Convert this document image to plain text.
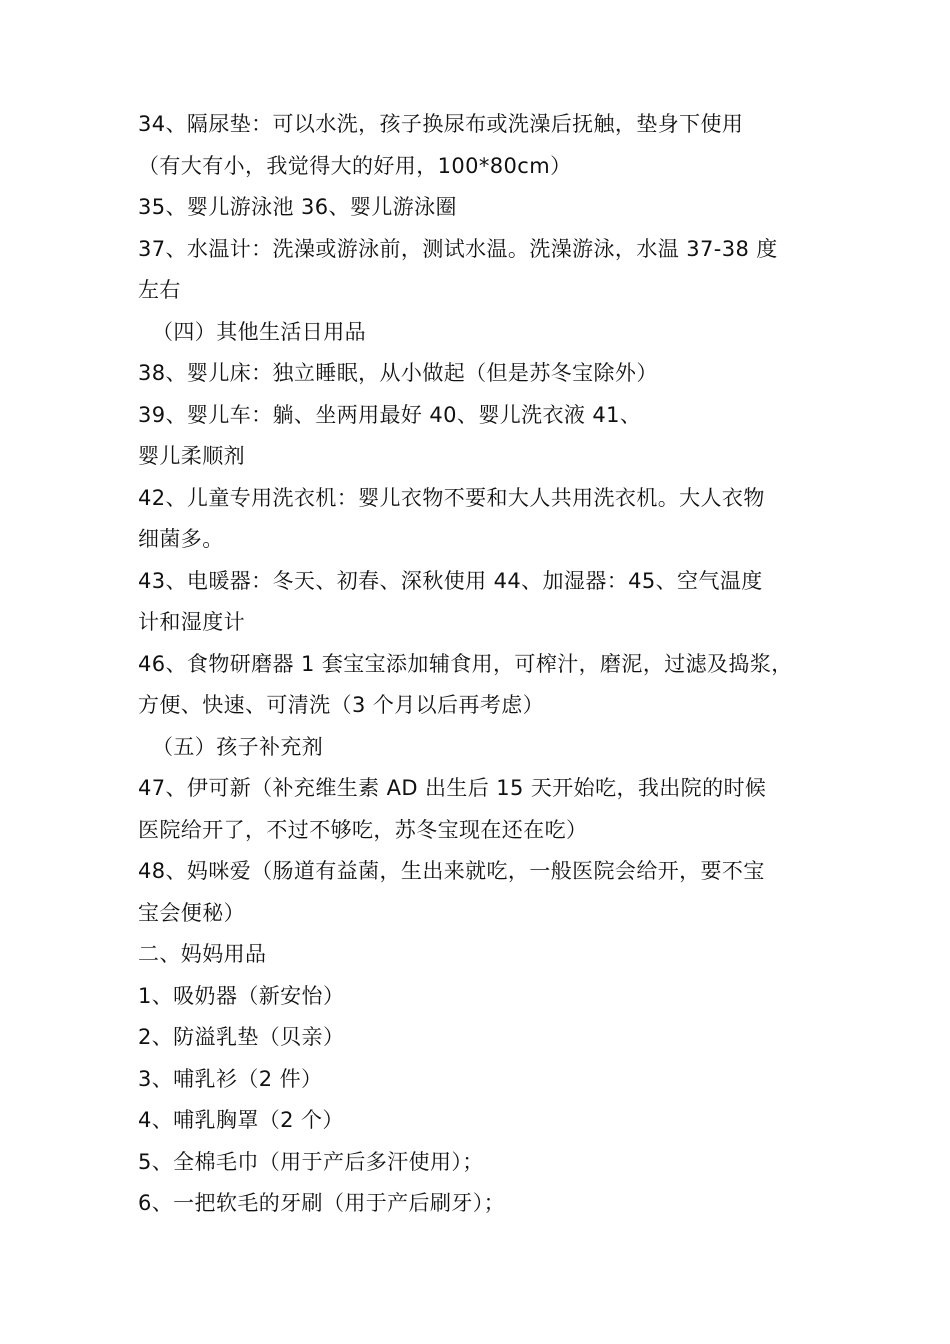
34、隔尿垫：可以水洗，孩子换尿布或洗澡后抚触，垫身下使用
（有大有小，我觉得大的好用，100*80cm）
35、婴儿游泳池 36、婴儿游泳圈
37、水温计：洗澡或游泳前，测试水温。洗澡游泳，水温 37-38 度
左右
（四）其他生活日用品
38、婴儿床：独立睡眠，从小做起（但是苏冬宝除外）
39、婴儿车：躺、坐两用最好 40、婴儿洗衣液 41、
婴儿柔顺剂
42、儿童专用洗衣机：婴儿衣物不要和大人共用洗衣机。大人衣物
细菌多。
43、电暖器：冬天、初春、深秋使用 44、加湿器：45、空气温度
计和湿度计
46、食物研磨器 1 套宝宝添加辅食用，可榨汁，磨泥，过滤及捣浆，
方便、快速、可清洗（3 个月以后再考虑）
（五）孩子补充剂
47、伊可新（补充维生素 AD 出生后 15 天开始吃，我出院的时候
医院给开了，不过不够吃，苏冬宝现在还在吃）
48、妈咪爱（肠道有益菌，生出来就吃，一般医院会给开，要不宝
宝会便秘）
二、妈妈用品
1、吸奶器（新安怡）
2、防溢乳垫（贝亲）
3、哺乳衫（2 件）
4、哺乳胸罩（2 个）
5、全棉毛巾（用于产后多汗使用）；
6、一把软毛的牙刷（用于产后刷牙）；
